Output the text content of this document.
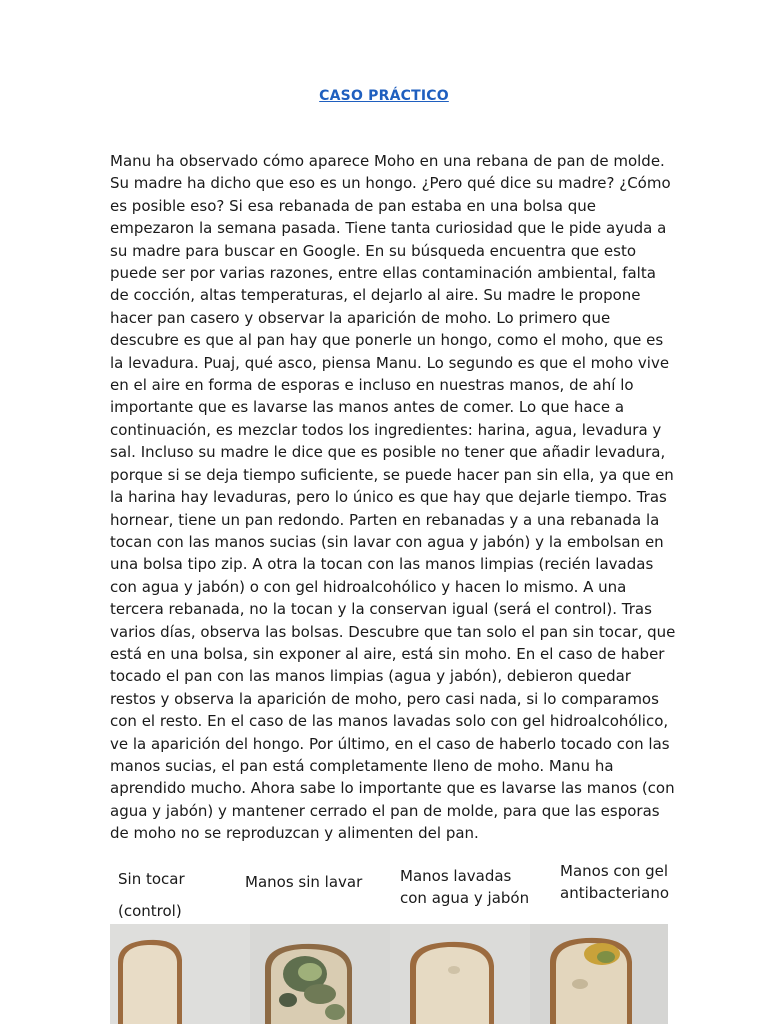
CASO PRÁCTICO
Manu ha observado cómo aparece Moho en una rebana de pan de molde.
Su madre ha dicho que eso es un hongo. ¿Pero qué dice su madre? ¿Cómo
es posible eso? Si esa rebanada de pan estaba en una bolsa que
empezaron la semana pasada. Tiene tanta curiosidad que le pide ayuda a
su madre para buscar en Google. En su búsqueda encuentra que esto
puede ser por varias razones, entre ellas contaminación ambiental, falta
de cocción, altas temperaturas, el dejarlo al aire. Su madre le propone
hacer pan casero y observar la aparición de moho. Lo primero que
descubre es que al pan hay que ponerle un hongo, como el moho, que es
la levadura. Puaj, qué asco, piensa Manu. Lo segundo es que el moho vive
en el aire en forma de esporas e incluso en nuestras manos, de ahí lo
importante que es lavarse las manos antes de comer. Lo que hace a
continuación, es mezclar todos los ingredientes: harina, agua, levadura y
sal. Incluso su madre le dice que es posible no tener que añadir levadura,
porque si se deja tiempo suficiente, se puede hacer pan sin ella, ya que en
la harina hay levaduras, pero lo único es que hay que dejarle tiempo. Tras
hornear, tiene un pan redondo. Parten en rebanadas y a una rebanada la
tocan con las manos sucias (sin lavar con agua y jabón) y la embolsan en
una bolsa tipo zip. A otra la tocan con las manos limpias (recién lavadas
con agua y jabón) o con gel hidroalcohólico y hacen lo mismo. A una
tercera rebanada, no la tocan y la conservan igual (será el control). Tras
varios días, observa las bolsas. Descubre que tan solo el pan sin tocar, que
está en una bolsa, sin exponer al aire, está sin moho. En el caso de haber
tocado el pan con las manos limpias (agua y jabón), debieron quedar
restos y observa la aparición de moho, pero casi nada, si lo comparamos
con el resto. En el caso de las manos lavadas solo con gel hidroalcohólico,
ve la aparición del hongo. Por último, en el caso de haberlo tocado con las
manos sucias, el pan está completamente lleno de moho. Manu ha
aprendido mucho. Ahora sabe lo importante que es lavarse las manos (con
agua y jabón) y mantener cerrado el pan de molde, para que las esporas
de moho no se reproduzcan y alimenten del pan.
Sin tocar
(control)
Manos sin lavar	Manos lavadas
con agua y jabón
Manos con gel
antibacteriano
